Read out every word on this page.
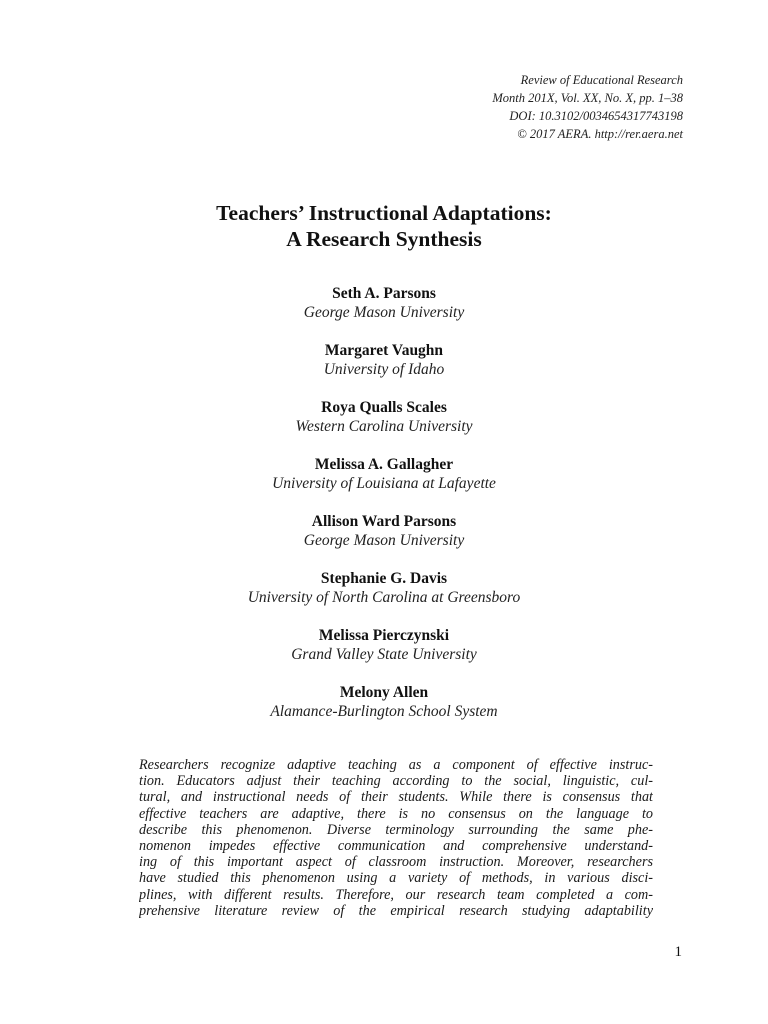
Review of Educational Research
Month 201X, Vol. XX, No. X, pp. 1–38
DOI: 10.3102/0034654317743198
© 2017 AERA. http://rer.aera.net
Teachers’ Instructional Adaptations:
A Research Synthesis
Seth A. Parsons
George Mason University
Margaret Vaughn
University of Idaho
Roya Qualls Scales
Western Carolina University
Melissa A. Gallagher
University of Louisiana at Lafayette
Allison Ward Parsons
George Mason University
Stephanie G. Davis
University of North Carolina at Greensboro
Melissa Pierczynski
Grand Valley State University
Melony Allen
Alamance-Burlington School System
Researchers recognize adaptive teaching as a component of effective instruc-
tion. Educators adjust their teaching according to the social, linguistic, cul-
tural, and instructional needs of their students. While there is consensus that
effective teachers are adaptive, there is no consensus on the language to
describe this phenomenon. Diverse terminology surrounding the same phe-
nomenon impedes effective communication and comprehensive understand-
ing of this important aspect of classroom instruction. Moreover, researchers
have studied this phenomenon using a variety of methods, in various disci-
plines, with different results. Therefore, our research team completed a com-
prehensive literature review of the empirical research studying adaptability
1
